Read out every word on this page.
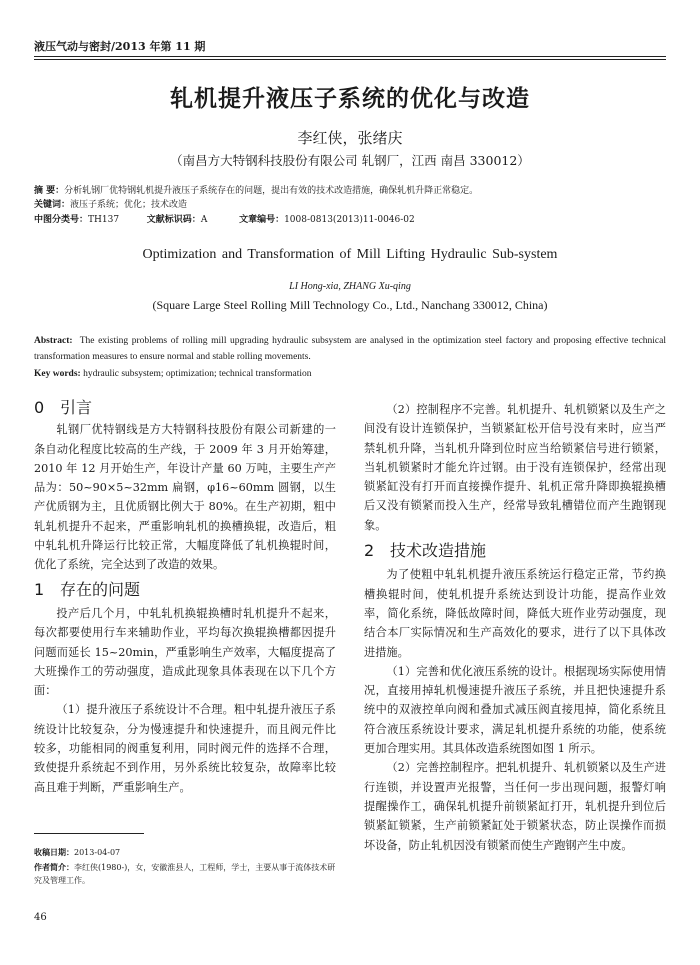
液压气动与密封/2013 年第 11 期
轧机提升液压子系统的优化与改造
李红侠，张绪庆
（南昌方大特钢科技股份有限公司 轧钢厂，江西 南昌 330012）
摘 要：分析轧钢厂优特钢轧机提升液压子系统存在的问题，提出有效的技术改造措施，确保轧机升降正常稳定。
关键词：液压子系统；优化；技术改造
中图分类号：TH137	文献标识码：A	文章编号：1008-0813(2013)11-0046-02
Optimization and Transformation of Mill Lifting Hydraulic Sub-system
LI Hong-xia, ZHANG Xu-qing
(Square Large Steel Rolling Mill Technology Co., Ltd., Nanchang 330012, China)
Abstract: The existing problems of rolling mill upgrading hydraulic subsystem are analysed in the optimization steel factory and proposing effective technical transformation measures to ensure normal and stable rolling movements.
Key words: hydraulic subsystem; optimization; technical transformation
0 引言

轧钢厂优特钢线是方大特钢科技股份有限公司新建的一条自动化程度比较高的生产线，于 2009 年 3 月开始筹建，2010 年 12 月开始生产，年设计产量 60 万吨，主要生产产品为：50~90×5~32mm 扁钢，φ16~60mm 圆钢，以生产优质钢为主，且优质钢比例大于 80%。在生产初期，粗中轧轧机提升不起来，严重影响轧机的换槽换辊，改造后，粗中轧轧机升降运行比较正常，大幅度降低了轧机换辊时间，优化了系统，完全达到了改造的效果。

1 存在的问题

投产后几个月，中轧轧机换辊换槽时轧机提升不起来，每次都要使用行车来辅助作业，平均每次换辊换槽都因提升问题而延长 15~20min，严重影响生产效率，大幅度提高了大班操作工的劳动强度，造成此现象具体表现在以下几个方面：

（1）提升液压子系统设计不合理。粗中轧提升液压子系统设计比较复杂，分为慢速提升和快速提升，而且阀元件比较多，功能相同的阀重复利用，同时阀元件的选择不合理，致使提升系统起不到作用，另外系统比较复杂，故障率比较高且难于判断，严重影响生产。

收稿日期：2013-04-07
作者简介：李红侠(1980-)，女，安徽淮县人，工程师，学士，主要从事于流体技术研究及管理工作。
46

（2）控制程序不完善。轧机提升、轧机锁紧以及生产之间没有设计连锁保护，当锁紧缸松开信号没有来时，应当严禁轧机升降，当轧机升降到位时应当给锁紧信号进行锁紧，当轧机锁紧时才能允许过钢。由于没有连锁保护，经常出现锁紧缸没有打开而直接操作提升、轧机正常升降即换辊换槽后又没有锁紧而投入生产，经常导致轧槽错位而产生跑钢现象。

2 技术改造措施

为了使粗中轧轧机提升液压系统运行稳定正常，节约换槽换辊时间，使轧机提升系统达到设计功能，提高作业效率，简化系统，降低故障时间，降低大班作业劳动强度，现结合本厂实际情况和生产高效化的要求，进行了以下具体改进措施。

（1）完善和优化液压系统的设计。根据现场实际使用情况，直接用掉轧机慢速提升液压子系统，并且把快速提升系统中的双液控单向阀和叠加式减压阀直接甩掉，简化系统且符合液压系统设计要求，满足轧机提升系统的功能，使系统更加合理实用。其具体改造系统图如图 1 所示。

（2）完善控制程序。把轧机提升、轧机锁紧以及生产进行连锁，并设置声光报警，当任何一步出现问题，报警灯响提醒操作工，确保轧机提升前锁紧缸打开，轧机提升到位后锁紧缸锁紧，生产前锁紧缸处于锁紧状态，防止误操作而损坏设备，防止轧机因没有锁紧而使生产跑钢产生中废。
